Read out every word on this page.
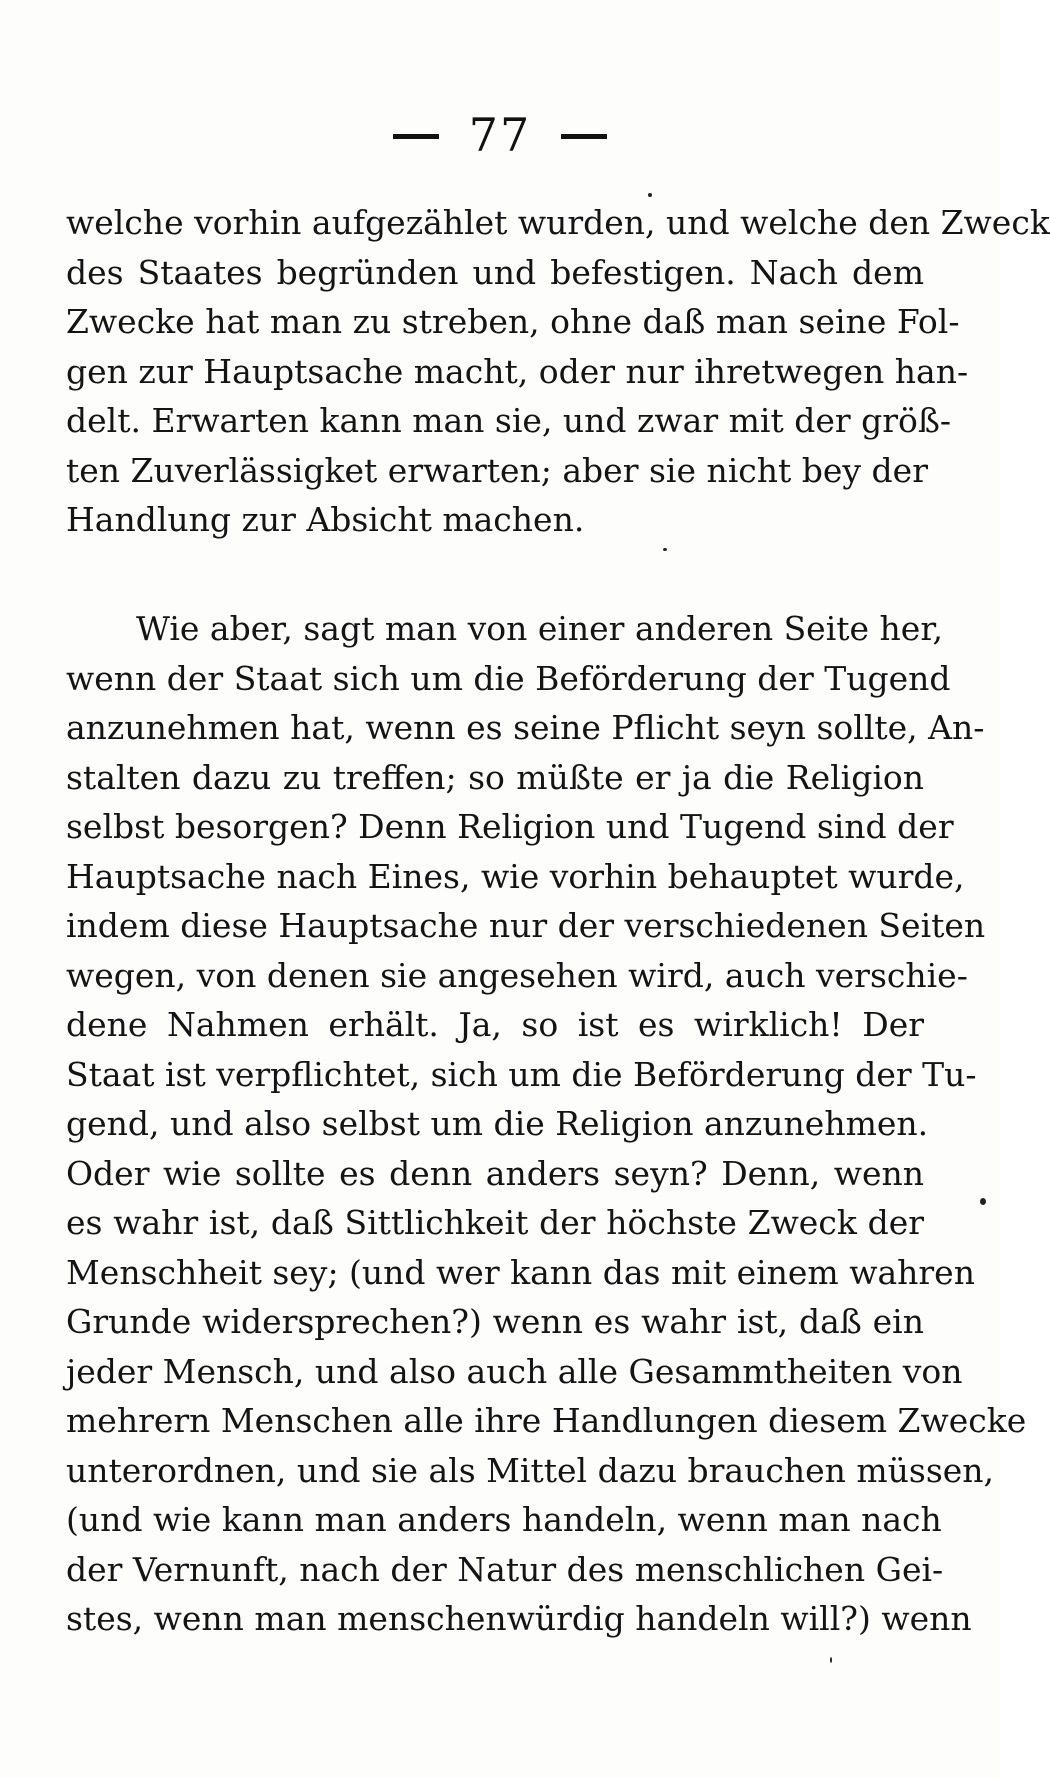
77
welche vorhin aufgezählet wurden, und welche den Zweck
des Staates begründen und befestigen. Nach dem
Zwecke hat man zu streben, ohne daß man seine Fol-
gen zur Hauptsache macht, oder nur ihretwegen han-
delt. Erwarten kann man sie, und zwar mit der größ-
ten Zuverlässigket erwarten; aber sie nicht bey der
Handlung zur Absicht machen.
Wie aber, sagt man von einer anderen Seite her,
wenn der Staat sich um die Beförderung der Tugend
anzunehmen hat, wenn es seine Pflicht seyn sollte, An-
stalten dazu zu treffen; so müßte er ja die Religion
selbst besorgen? Denn Religion und Tugend sind der
Hauptsache nach Eines, wie vorhin behauptet wurde,
indem diese Hauptsache nur der verschiedenen Seiten
wegen, von denen sie angesehen wird, auch verschie-
dene Nahmen erhält. Ja, so ist es wirklich! Der
Staat ist verpflichtet, sich um die Beförderung der Tu-
gend, und also selbst um die Religion anzunehmen.
Oder wie sollte es denn anders seyn? Denn, wenn
es wahr ist, daß Sittlichkeit der höchste Zweck der
Menschheit sey; (und wer kann das mit einem wahren
Grunde widersprechen?) wenn es wahr ist, daß ein
jeder Mensch, und also auch alle Gesammtheiten von
mehrern Menschen alle ihre Handlungen diesem Zwecke
unterordnen, und sie als Mittel dazu brauchen müssen,
(und wie kann man anders handeln, wenn man nach
der Vernunft, nach der Natur des menschlichen Gei-
stes, wenn man menschenwürdig handeln will?) wenn
